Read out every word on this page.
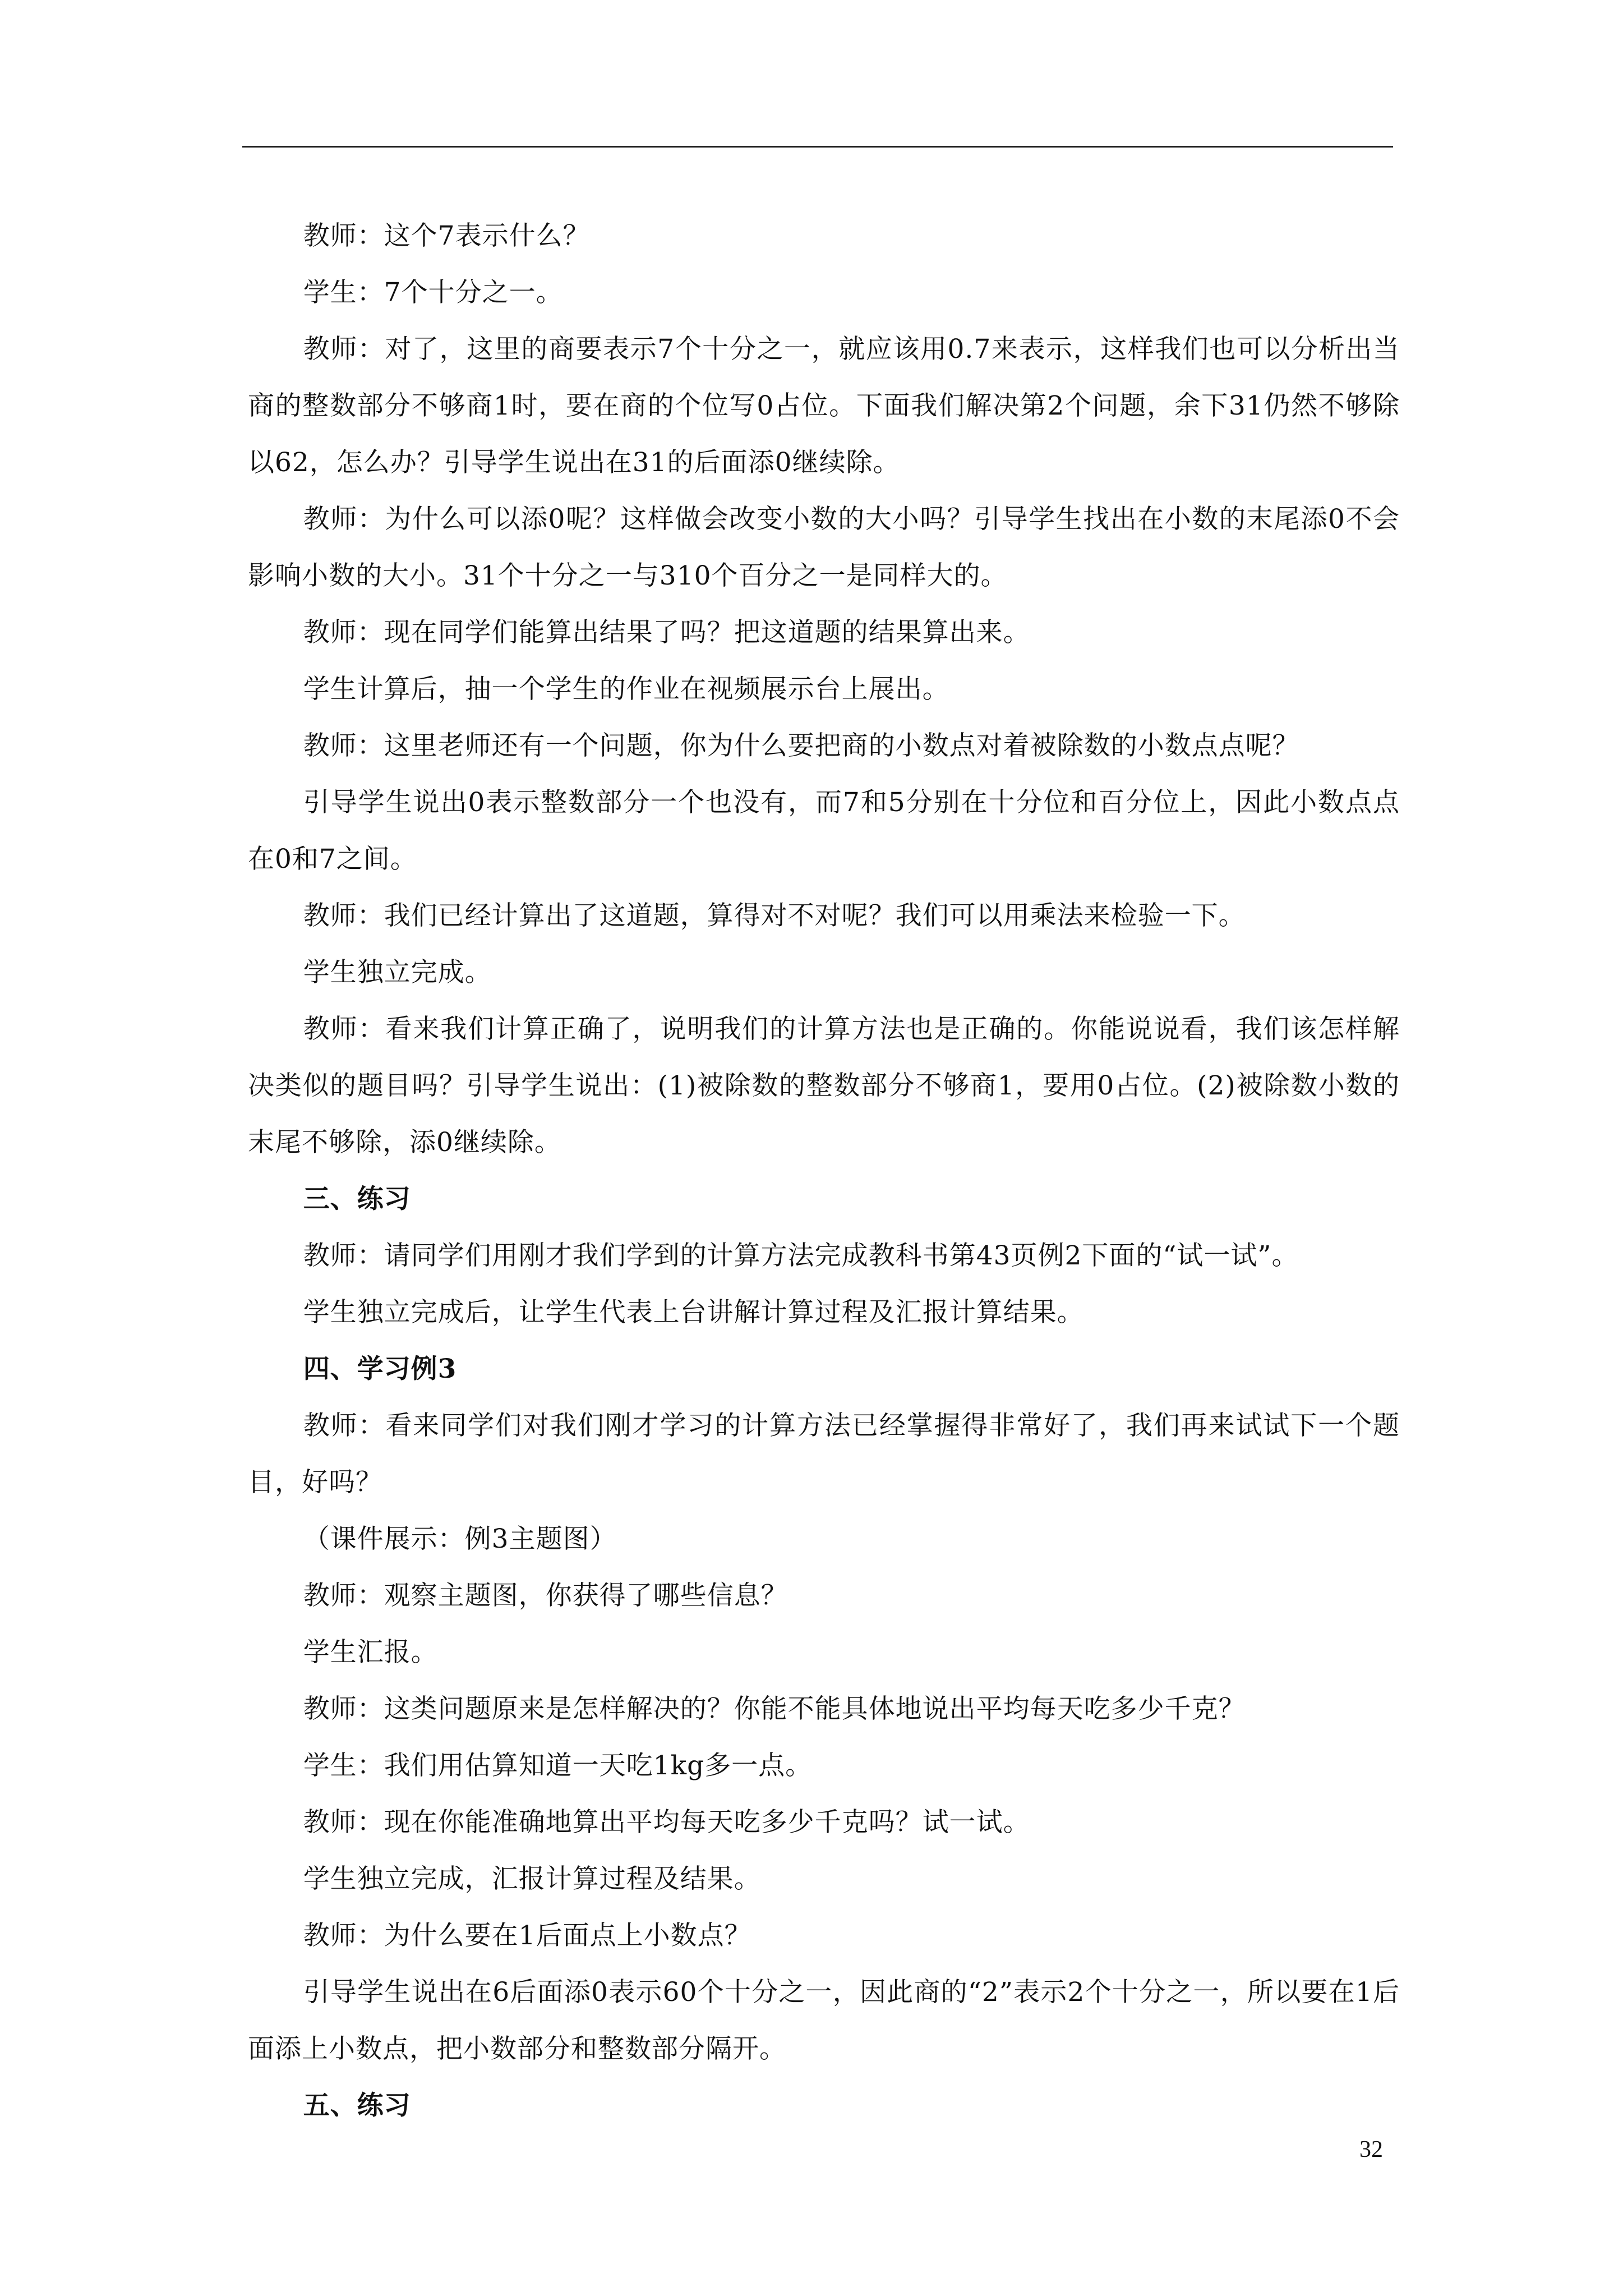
教师：这个7表示什么？

学生：7个十分之一。

教师：对了，这里的商要表示7个十分之一，就应该用0.7来表示，这样我们也可以分析出当商的整数部分不够商1时，要在商的个位写0占位。下面我们解决第2个问题，余下31仍然不够除以62，怎么办？引导学生说出在31的后面添0继续除。

教师：为什么可以添0呢？这样做会改变小数的大小吗？引导学生找出在小数的末尾添0不会影响小数的大小。31个十分之一与310个百分之一是同样大的。

教师：现在同学们能算出结果了吗？把这道题的结果算出来。

学生计算后，抽一个学生的作业在视频展示台上展出。

教师：这里老师还有一个问题，你为什么要把商的小数点对着被除数的小数点点呢？

引导学生说出0表示整数部分一个也没有，而7和5分别在十分位和百分位上，因此小数点点在0和7之间。

教师：我们已经计算出了这道题，算得对不对呢？我们可以用乘法来检验一下。

学生独立完成。

教师：看来我们计算正确了，说明我们的计算方法也是正确的。你能说说看，我们该怎样解决类似的题目吗？引导学生说出：(1)被除数的整数部分不够商1，要用0占位。(2)被除数小数的末尾不够除，添0继续除。

三、练习

教师：请同学们用刚才我们学到的计算方法完成教科书第43页例2下面的“试一试”。

学生独立完成后，让学生代表上台讲解计算过程及汇报计算结果。

四、学习例3

教师：看来同学们对我们刚才学习的计算方法已经掌握得非常好了，我们再来试试下一个题目，好吗？

（课件展示：例3主题图）

教师：观察主题图，你获得了哪些信息？

学生汇报。

教师：这类问题原来是怎样解决的？你能不能具体地说出平均每天吃多少千克？

学生：我们用估算知道一天吃1kg多一点。

教师：现在你能准确地算出平均每天吃多少千克吗？试一试。

学生独立完成，汇报计算过程及结果。

教师：为什么要在1后面点上小数点？

引导学生说出在6后面添0表示60个十分之一，因此商的“2”表示2个十分之一，所以要在1后面添上小数点，把小数部分和整数部分隔开。

五、练习

32
